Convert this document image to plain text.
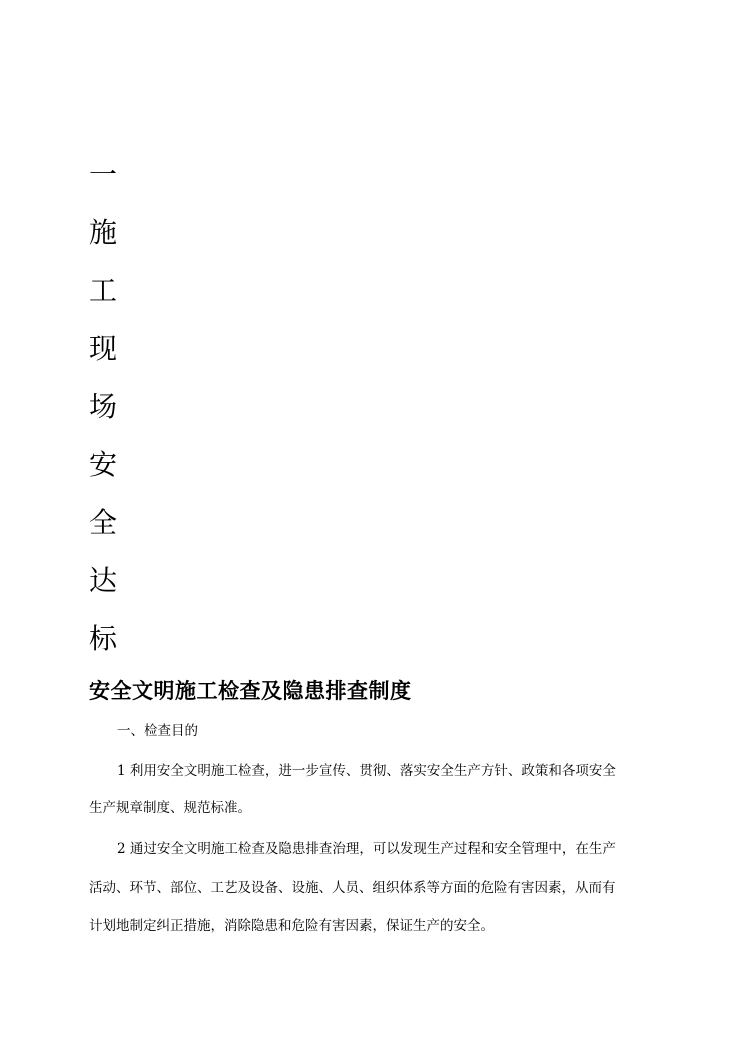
一
施
工
现
场
安
全
达
标
安全文明施工检查及隐患排查制度
一、检查目的
1 利用安全文明施工检查，进一步宣传、贯彻、落实安全生产方针、政策和各项安全
生产规章制度、规范标准。
2 通过安全文明施工检查及隐患排查治理，可以发现生产过程和安全管理中，在生产
活动、环节、部位、工艺及设备、设施、人员、组织体系等方面的危险有害因素，从而有
计划地制定纠正措施，消除隐患和危险有害因素，保证生产的安全。
